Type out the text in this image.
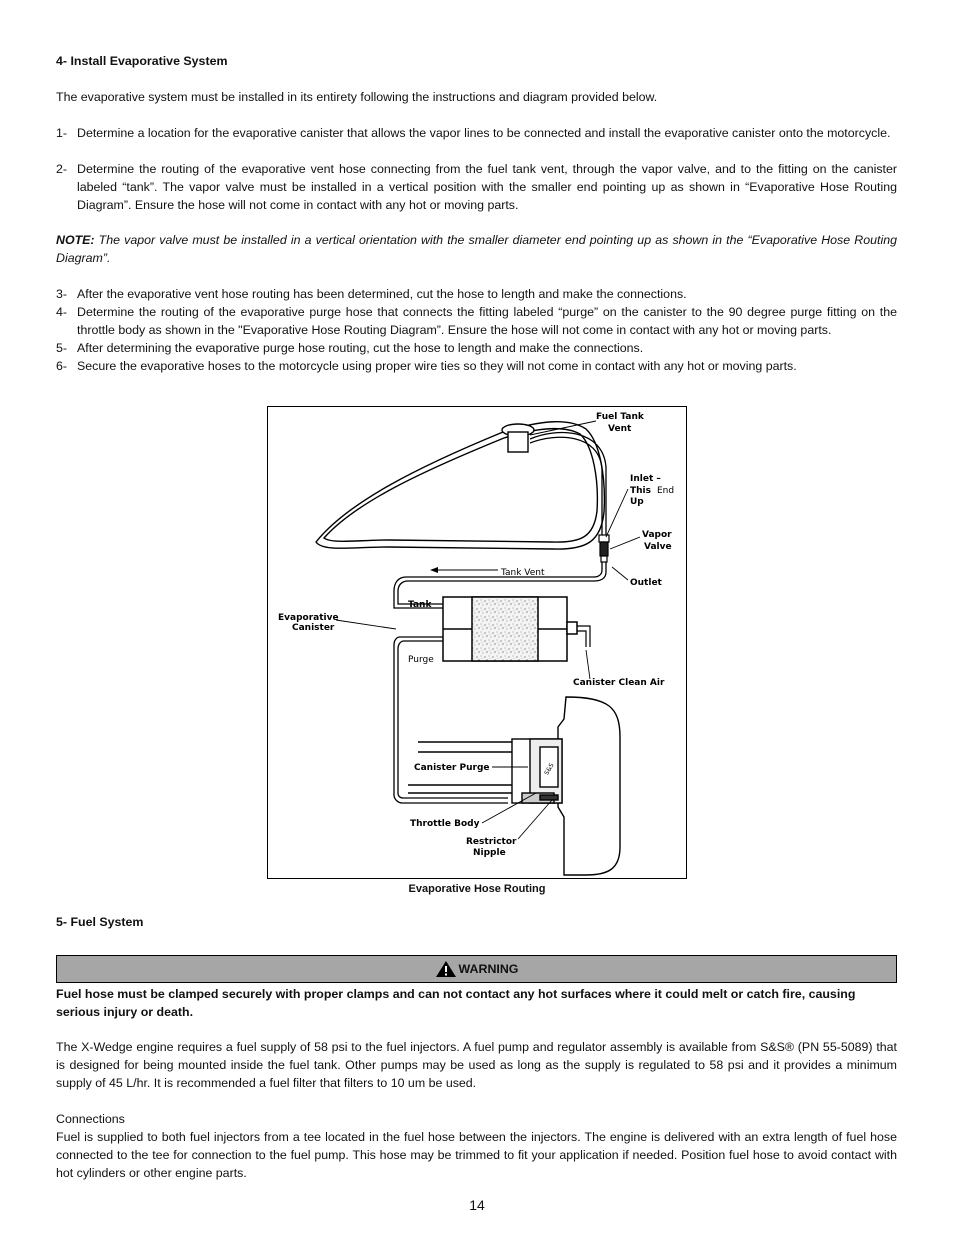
4- Install Evaporative System
The evaporative system must be installed in its entirety following the instructions and diagram provided below.
1- Determine a location for the evaporative canister that allows the vapor lines to be connected and install the evaporative canister onto the motorcycle.
2- Determine the routing of the evaporative vent hose connecting from the fuel tank vent, through the vapor valve, and to the fitting on the canister labeled “tank”. The vapor valve must be installed in a vertical position with the smaller end pointing up as shown in “Evaporative Hose Routing Diagram”. Ensure the hose will not come in contact with any hot or moving parts.
NOTE: The vapor valve must be installed in a vertical orientation with the smaller diameter end pointing up as shown in the “Evaporative Hose Routing Diagram”.
3- After the evaporative vent hose routing has been determined, cut the hose to length and make the connections.
4- Determine the routing of the evaporative purge hose that connects the fitting labeled “purge” on the canister to the 90 degree purge fitting on the throttle body as shown in the "Evaporative Hose Routing Diagram”. Ensure the hose will not come in contact with any hot or moving parts.
5- After determining the evaporative purge hose routing, cut the hose to length and make the connections.
6- Secure the evaporative hoses to the motorcycle using proper wire ties so they will not come in contact with any hot or moving parts.
S&S
Fuel Tank
Vent
Inlet –
This End
Up
Vapor
Valve
Outlet
Tank Vent
Tank
Evaporative
Canister
Purge
Canister Clean Air
Canister Purge
Throttle Body
Restrictor
Nipple
Evaporative Hose Routing
5- Fuel System
WARNING
Fuel hose must be clamped securely with proper clamps and can not contact any hot surfaces where it could melt or catch fire, causing serious injury or death.
The X-Wedge engine requires a fuel supply of 58 psi to the fuel injectors. A fuel pump and regulator assembly is available from S&S® (PN 55-5089) that is designed for being mounted inside the fuel tank. Other pumps may be used as long as the supply is regulated to 58 psi and it provides a minimum supply of 45 L/hr. It is recommended a fuel filter that filters to 10 um be used.
Connections
Fuel is supplied to both fuel injectors from a tee located in the fuel hose between the injectors. The engine is delivered with an extra length of fuel hose connected to the tee for connection to the fuel pump. This hose may be trimmed to fit your application if needed. Position fuel hose to avoid contact with hot cylinders or other engine parts.
14
